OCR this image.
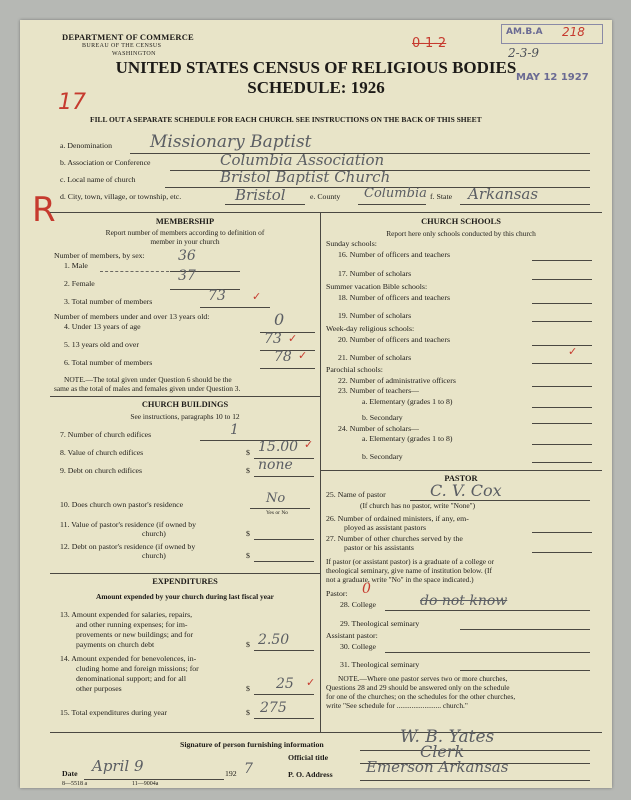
DEPARTMENT OF COMMERCE
BUREAU OF THE CENSUS
WASHINGTON
AM.B.A 218
0-1-2
2-3-9
MAY 12 1927
UNITED STATES CENSUS OF RELIGIOUS BODIES
SCHEDULE: 1926
17
R
FILL OUT A SEPARATE SCHEDULE FOR EACH CHURCH. SEE INSTRUCTIONS ON THE BACK OF THIS SHEET
a. Denomination Missionary Baptist
b. Association or Conference	Columbia Association
c. Local name of church	Bristol Baptist Church
d. City, town, village, or township, etc.	Bristol	e. County Columbia f. State Arkansas
MEMBERSHIP
Report number of members according to definition of
member in your church
Number of members, by sex:
1. Male
36
2. Female	37
3. Total number of members	73 ✓
Number of members under and over 13 years old:
4. Under 13 years of age	0
5. 13 years old and over	73 ✓
6. Total number of members	78 ✓
NOTE.—The total given under Question 6 should be the
same as the total of males and females given under Question 3.
CHURCH BUILDINGS
See instructions, paragraphs 10 to 12
7. Number of church edifices	1
8. Value of church edifices	$ 15.00 ✓
9. Debt on church edifices	$ none
10. Does church own pastor's residence	No
Yes or No
11. Value of pastor's residence (if owned by
church)	$
12. Debt on pastor's residence (if owned by
church)	$
EXPENDITURES
Amount expended by your church during last fiscal year
13. Amount expended for salaries, repairs,
and other running expenses; for im-
provements or new buildings; and for
payments on church debt	$ 2.50
14. Amount expended for benevolences, in-
cluding home and foreign missions; for
denominational support; and for all
other purposes	$ 25 ✓
15. Total expenditures during year	$ 275
CHURCH SCHOOLS
Report here only schools conducted by this church
Sunday schools:
16. Number of officers and teachers
17. Number of scholars
Summer vacation Bible schools:
18. Number of officers and teachers
19. Number of scholars
Week-day religious schools:
20. Number of officers and teachers
21. Number of scholars	✓
Parochial schools:
22. Number of administrative officers
23. Number of teachers—
a. Elementary (grades 1 to 8)
b. Secondary
24. Number of scholars—
a. Elementary (grades 1 to 8)
b. Secondary
PASTOR
25. Name of pastor	C. V. Cox
(If church has no pastor, write "None")
26. Number of ordained ministers, if any, em-
ployed as assistant pastors
27. Number of other churches served by the
pastor or his assistants
If pastor (or assistant pastor) is a graduate of a college or
theological seminary, give name of institution below. (If
not a graduate, write "No" in the space indicated.)
Pastor: 0
28. College	do not know
29. Theological seminary
Assistant pastor:
30. College
31. Theological seminary
NOTE.—Where one pastor serves two or more churches,
Questions 28 and 29 should be answered only on the schedule
for one of the churches; on the schedules for the other churches,
write "See schedule for ........................ church."
Signature of person furnishing information	W. B. Yates
Official title	Clerk
Date April 9	192 7	P. O. Address Emerson Arkansas
8—5518 a	11—9004a
